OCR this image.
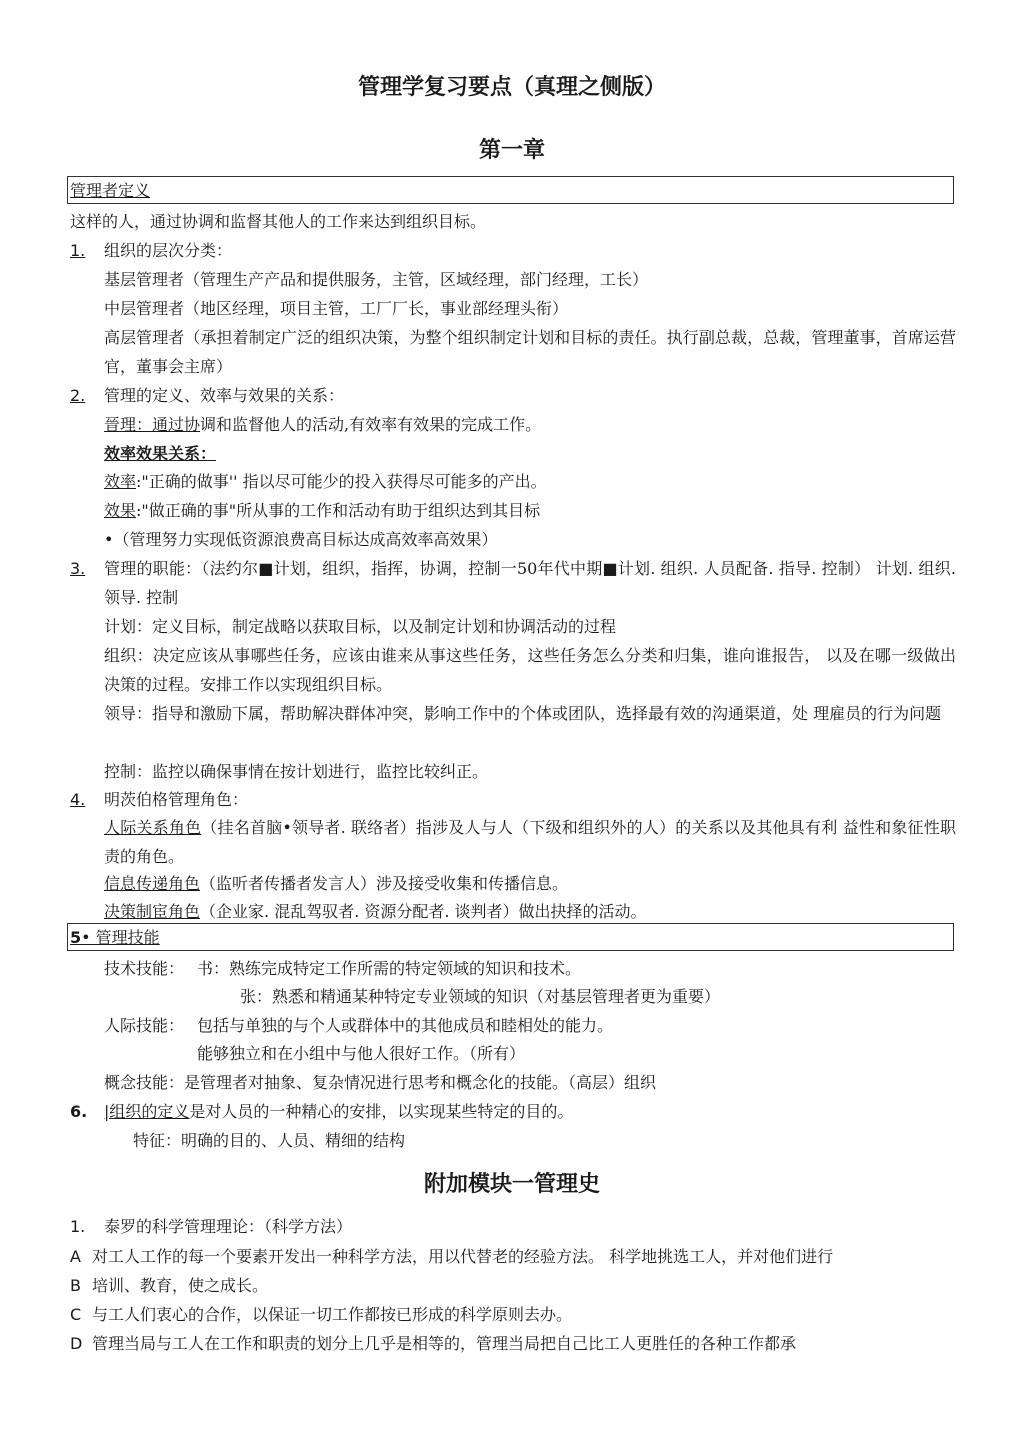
管理学复习要点（真理之侧版）
第一章
管理者定义
这样的人，通过协调和监督其他人的工作来达到组织目标。
1. 组织的层次分类：
基层管理者（管理生产产品和提供服务，主管，区域经理，部门经理，工长）
中层管理者（地区经理，项目主管，工厂厂长，事业部经理头衔）
高层管理者（承担着制定广泛的组织决策，为整个组织制定计划和目标的责任。执行副总裁，总裁，管理董事，首席运营官，董事会主席）
2. 管理的定义、效率与效果的关系：
晉理：通过协调和监督他人的活动,有效率有效果的完成工作。
效率效果关系：
效率:"正确的做事'' 指以尽可能少的投入获得尽可能多的产出。
效果:"做正确的事"所从事的工作和活动有助于组织达到其目标
•（管理努力实现低资源浪费高目标达成高效率高效果）
3. 管理的职能：（法约尔■计划，组织，指挥，协调，控制一50年代中期■计划. 组织. 人员配备. 指导. 控制） 计划. 组织. 领导. 控制
计划：定义目标，制定战略以获取目标，以及制定计划和协调活动的过程
组织：决定应该从事哪些任务，应该由谁来从事这些任务，这些任务怎么分类和归集，谁向谁报告， 以及在哪一级做出决策的过程。安排工作以实现组织目标。
领导：指导和激励下属，帮助解决群体冲突，影响工作中的个体或团队，选择最有效的沟通渠道，处 理雇员的行为问题
控制：监控以确保事情在按计划进行，监控比较纠正。
4. 明茨伯格管理角色：
人际关系角色（挂名首脑•领导者. 联络者）指涉及人与人（下级和组织外的人）的关系以及其他具有利 益性和象征性职责的角色。
信息传递角色（监听者传播者发言人）涉及接受收集和传播信息。
决策制宦角色（企业家. 混乱驾驭者. 资源分配者. 谈判者）做出抉择的活动。
5• 管理技能
技术技能： 书：熟练完成特定工作所需的特定领域的知识和技术。
张：熟悉和精通某种特定专业领域的知识（对基层管理者更为重要）
人际技能： 包括与单独的与个人或群体中的其他成员和睦相处的能力。
能够独立和在小组中与他人很好工作。（所有）
概念技能：是管理者对抽象、复杂情况进行思考和概念化的技能。（高层）组织
6. |组织的定义是对人员的一种精心的安排，以实现某些特定的目的。
特征：明确的目的、人员、精细的结构
附加模块一管理史
1. 泰罗的科学管理理论：（科学方法）
A 对工人工作的每一个要素开发出一种科学方法，用以代替老的经验方法。 科学地挑选工人，并对他们进行
B 培训、教育，使之成长。
C 与工人们衷心的合作，以保证一切工作都按已形成的科学原则去办。
D 管理当局与工人在工作和职责的划分上几乎是相等的，管理当局把自己比工人更胜任的各种工作都承
